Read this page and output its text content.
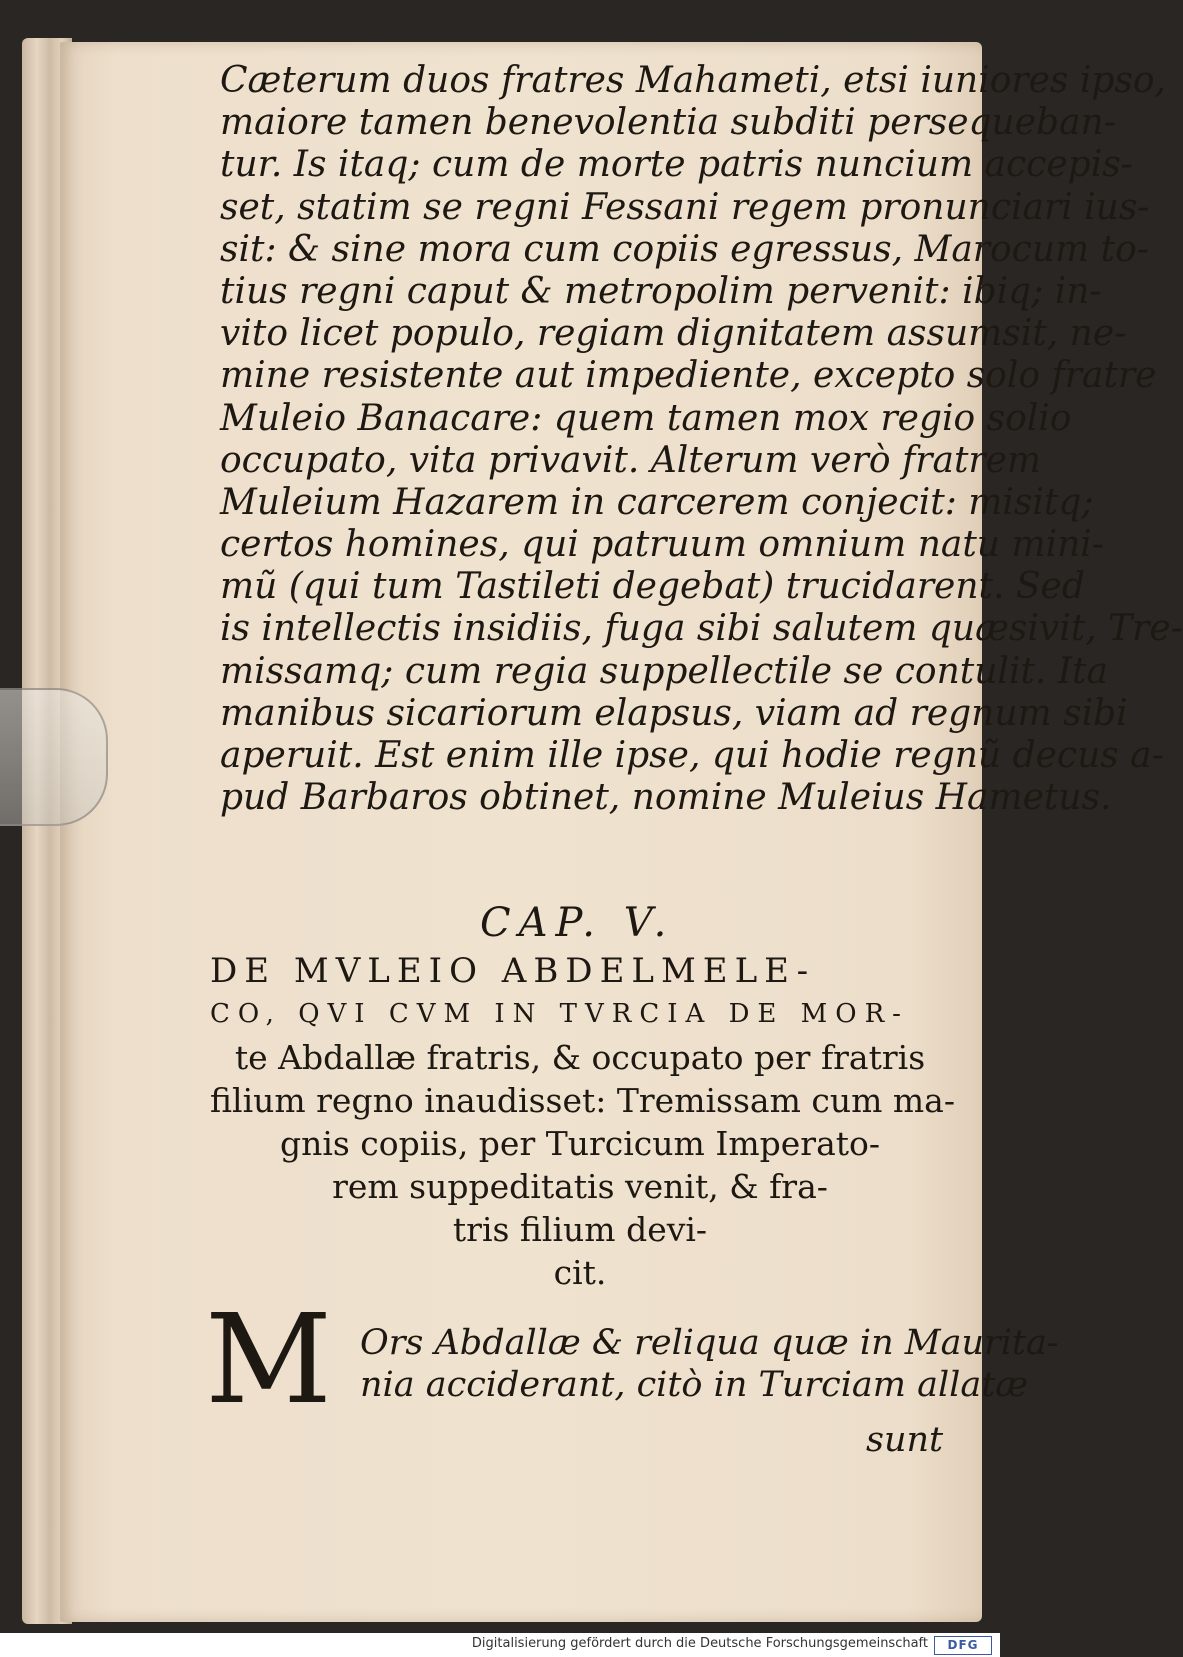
Cæterum duos fratres Mahameti, etsi iuniores ipso,
maiore tamen benevolentia subditi persequeban-
tur. Is itaq; cum de morte patris nuncium accepis-
set, statim se regni Fessani regem pronunciari ius-
sit: & sine mora cum copiis egressus, Marocum to-
tius regni caput & metropolim pervenit: ibiq; in-
vito licet populo, regiam dignitatem assumsit, ne-
mine resistente aut impediente, excepto solo fratre
Muleio Banacare: quem tamen mox regio solio
occupato, vita privavit. Alterum verò fratrem
Muleium Hazarem in carcerem conjecit: misitq;
certos homines, qui patruum omnium natu mini-
mũ (qui tum Tastileti degebat) trucidarent. Sed
is intellectis insidiis, fuga sibi salutem quæsivit, Tre-
missamq; cum regia suppellectile se contulit. Ita
manibus sicariorum elapsus, viam ad regnum sibi
aperuit. Est enim ille ipse, qui hodie regnũ decus a-
pud Barbaros obtinet, nomine Muleius Hametus.
CAP. V.
DE MVLEIO ABDELMELE-
CO, QVI CVM IN TVRCIA DE MOR-
te Abdallæ fratris, & occupato per fratris
filium regno inaudisset: Tremissam cum ma-
gnis copiis, per Turcicum Imperato-
rem suppeditatis venit, & fra-
tris filium devi-
cit.
M Ors Abdallæ & reliqua quæ in Maurita-
nia acciderant, citò in Turciam allatæ
sunt
Digitalisierung gefördert durch die Deutsche Forschungsgemeinschaft	DFG
